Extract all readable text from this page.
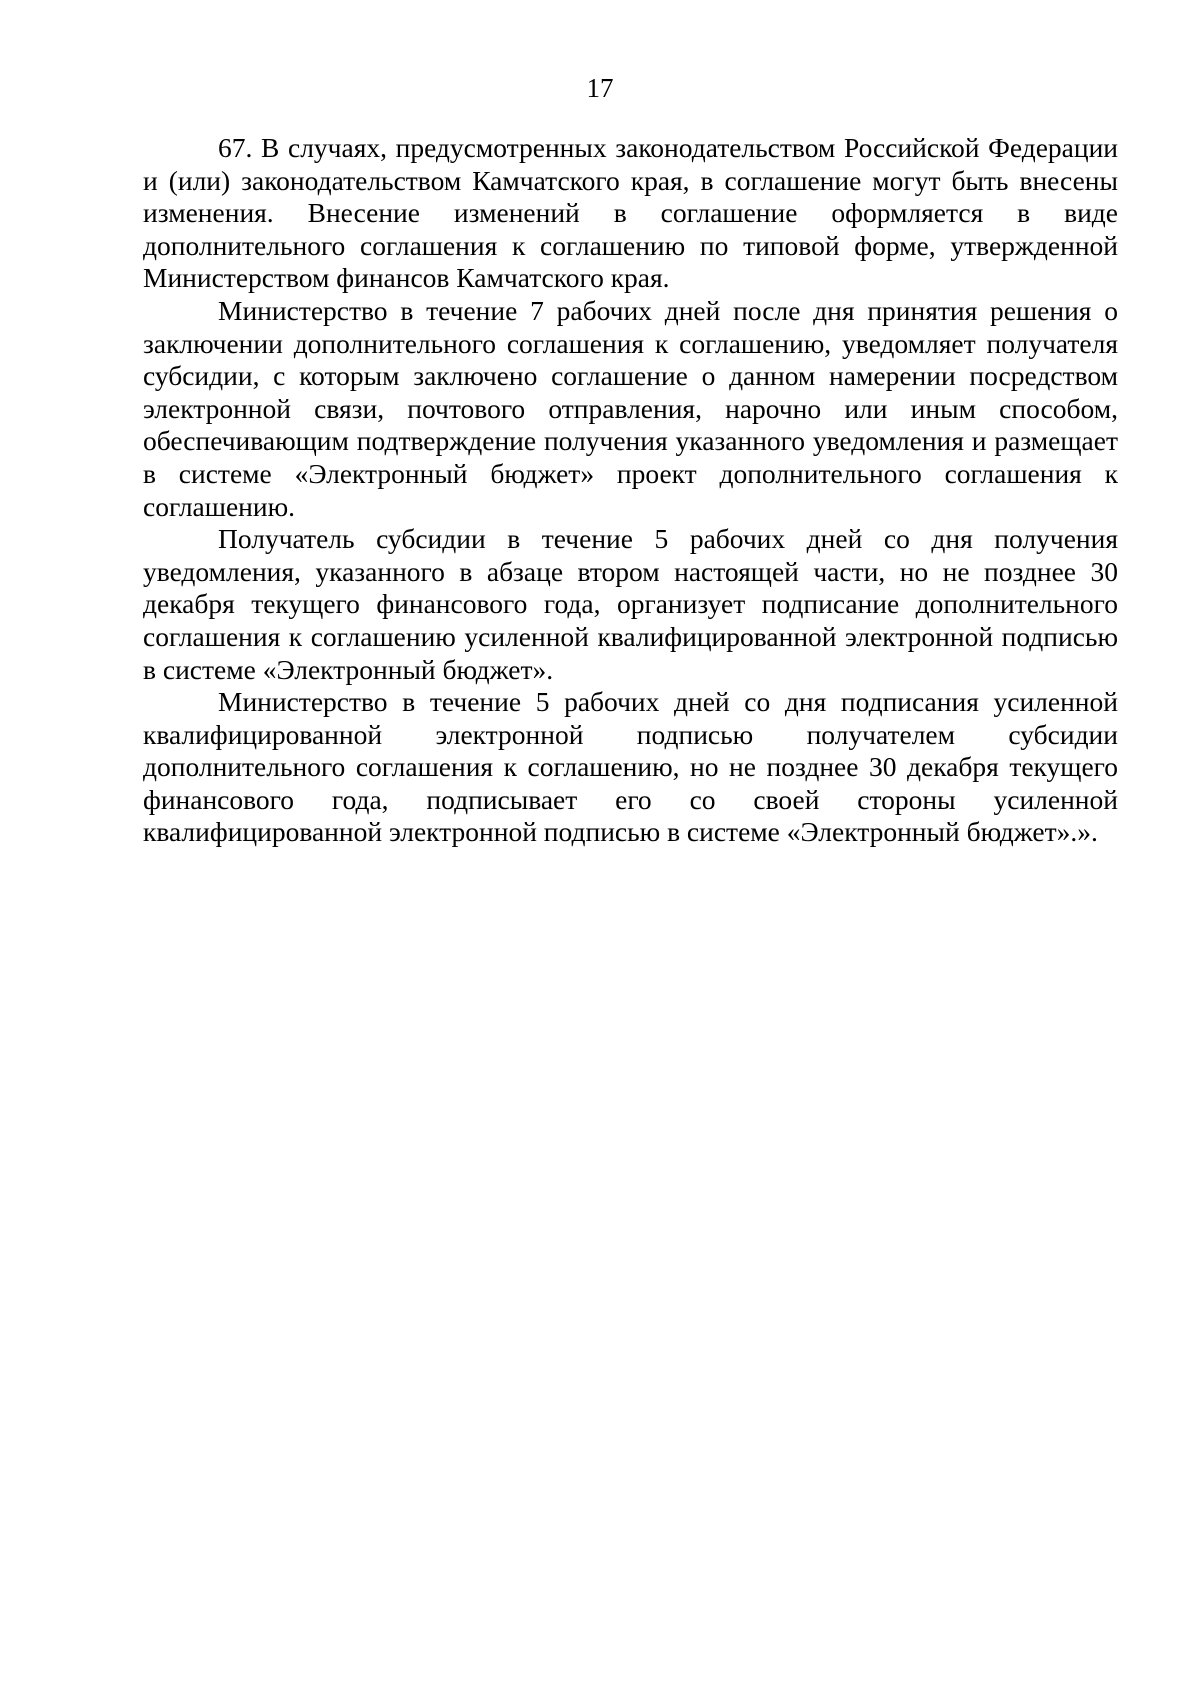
17

67. В случаях, предусмотренных законодательством Российской Федерации и (или) законодательством Камчатского края, в соглашение могут быть внесены изменения. Внесение изменений в соглашение оформляется в виде дополнительного соглашения к соглашению по типовой форме, утвержденной Министерством финансов Камчатского края.

Министерство в течение 7 рабочих дней после дня принятия решения о заключении дополнительного соглашения к соглашению, уведомляет получателя субсидии, с которым заключено соглашение о данном намерении посредством электронной связи, почтового отправления, нарочно или иным способом, обеспечивающим подтверждение получения указанного уведомления и размещает в системе «Электронный бюджет» проект дополнительного соглашения к соглашению.

Получатель субсидии в течение 5 рабочих дней со дня получения уведомления, указанного в абзаце втором настоящей части, но не позднее 30 декабря текущего финансового года, организует подписание дополнительного соглашения к соглашению усиленной квалифицированной электронной подписью в системе «Электронный бюджет».

Министерство в течение 5 рабочих дней со дня подписания усиленной квалифицированной электронной подписью получателем субсидии дополнительного соглашения к соглашению, но не позднее 30 декабря текущего финансового года, подписывает его со своей стороны усиленной квалифицированной электронной подписью в системе «Электронный бюджет».».
